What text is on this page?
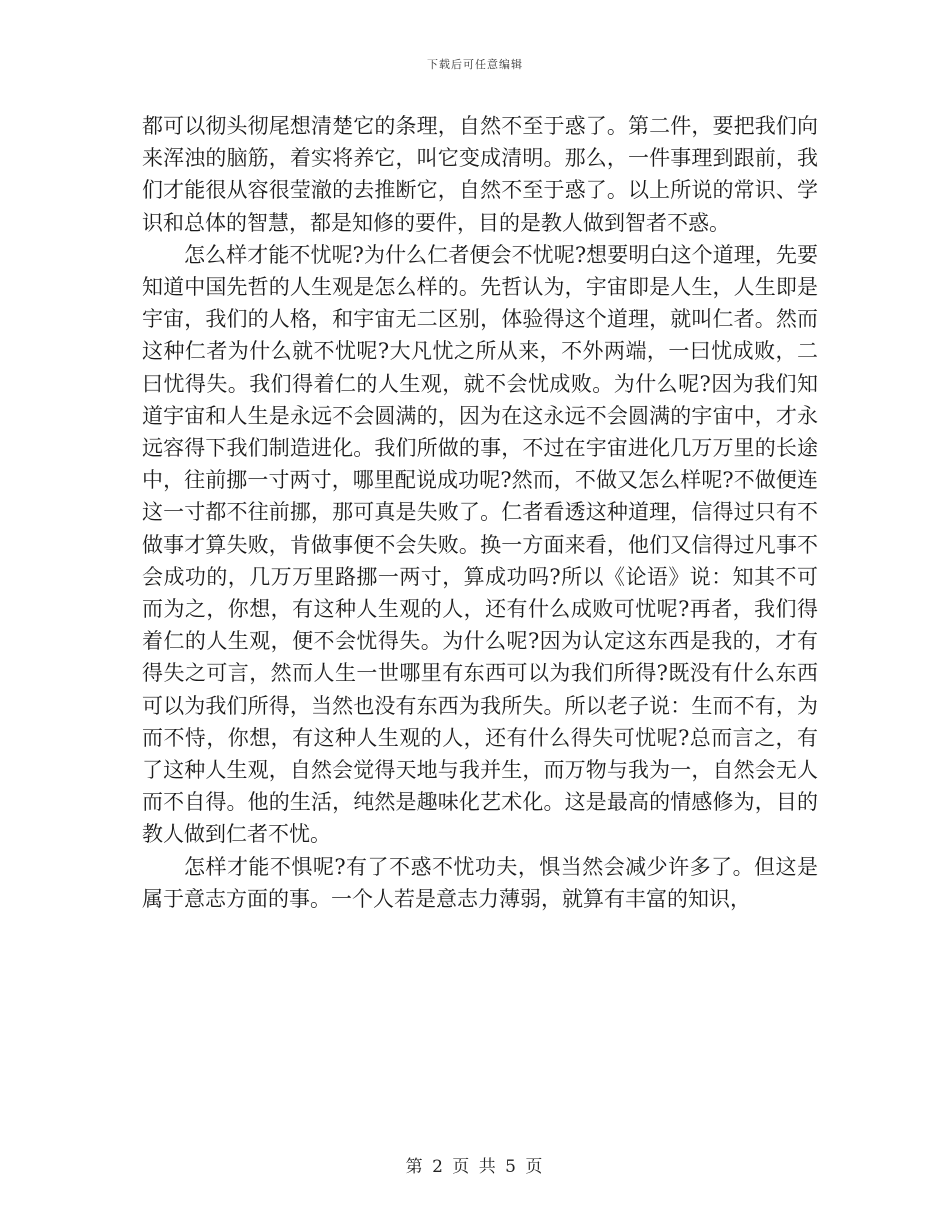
下载后可任意编辑

都可以彻头彻尾想清楚它的条理，自然不至于惑了。第二件，要把我们向来浑浊的脑筋，着实将养它，叫它变成清明。那么，一件事理到跟前，我们才能很从容很莹澈的去推断它，自然不至于惑了。以上所说的常识、学识和总体的智慧，都是知修的要件，目的是教人做到智者不惑。

怎么样才能不忧呢?为什么仁者便会不忧呢?想要明白这个道理，先要知道中国先哲的人生观是怎么样的。先哲认为，宇宙即是人生，人生即是宇宙，我们的人格，和宇宙无二区别，体验得这个道理，就叫仁者。然而这种仁者为什么就不忧呢?大凡忧之所从来，不外两端，一曰忧成败，二曰忧得失。我们得着仁的人生观，就不会忧成败。为什么呢?因为我们知道宇宙和人生是永远不会圆满的，因为在这永远不会圆满的宇宙中，才永远容得下我们制造进化。我们所做的事，不过在宇宙进化几万万里的长途中，往前挪一寸两寸，哪里配说成功呢?然而，不做又怎么样呢?不做便连这一寸都不往前挪，那可真是失败了。仁者看透这种道理，信得过只有不做事才算失败，肯做事便不会失败。换一方面来看，他们又信得过凡事不会成功的，几万万里路挪一两寸，算成功吗?所以《论语》说：知其不可而为之，你想，有这种人生观的人，还有什么成败可忧呢?再者，我们得着仁的人生观，便不会忧得失。为什么呢?因为认定这东西是我的，才有得失之可言，然而人生一世哪里有东西可以为我们所得?既没有什么东西可以为我们所得，当然也没有东西为我所失。所以老子说：生而不有，为而不恃，你想，有这种人生观的人，还有什么得失可忧呢?总而言之，有了这种人生观，自然会觉得天地与我并生，而万物与我为一，自然会无人而不自得。他的生活，纯然是趣味化艺术化。这是最高的情感修为，目的教人做到仁者不忧。

怎样才能不惧呢?有了不惑不忧功夫，惧当然会减少许多了。但这是属于意志方面的事。一个人若是意志力薄弱，就算有丰富的知识，

第 2 页 共 5 页
